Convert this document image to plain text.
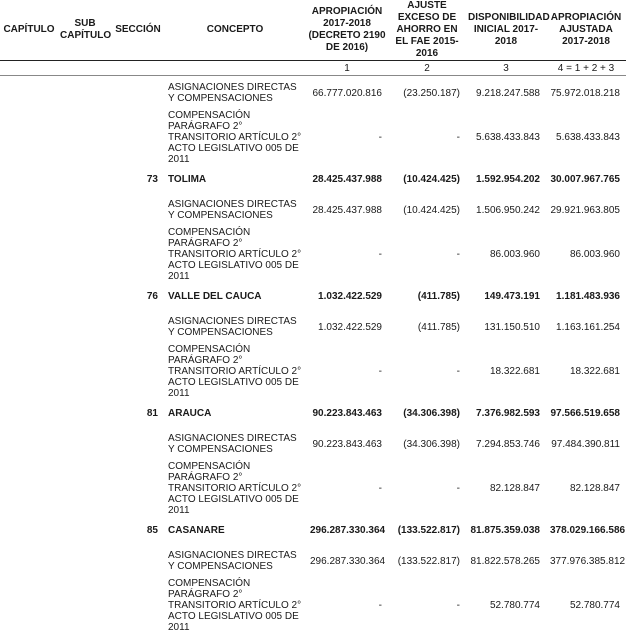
CAPÍTULO	SUB CAPÍTULO	SECCIÓN	CONCEPTO	APROPIACIÓN 2017-2018 (DECRETO 2190 DE 2016)	AJUSTE EXCESO DE AHORRO EN EL FAE 2015-2016	DISPONIBILIDAD INICIAL 2017-2018	APROPIACIÓN AJUSTADA 2017-2018
				1	2	3	4 = 1 + 2 + 3
			ASIGNACIONES DIRECTAS Y COMPENSACIONES	66.777.020.816	(23.250.187)	9.218.247.588	75.972.018.218
			COMPENSACIÓN PARÁGRAFO 2° TRANSITORIO ARTÍCULO 2° ACTO LEGISLATIVO 005 DE 2011	-	-	5.638.433.843	5.638.433.843
		73	TOLIMA	28.425.437.988	(10.424.425)	1.592.954.202	30.007.967.765
			ASIGNACIONES DIRECTAS Y COMPENSACIONES	28.425.437.988	(10.424.425)	1.506.950.242	29.921.963.805
			COMPENSACIÓN PARÁGRAFO 2° TRANSITORIO ARTÍCULO 2° ACTO LEGISLATIVO 005 DE 2011	-	-	86.003.960	86.003.960
		76	VALLE DEL CAUCA	1.032.422.529	(411.785)	149.473.191	1.181.483.936
			ASIGNACIONES DIRECTAS Y COMPENSACIONES	1.032.422.529	(411.785)	131.150.510	1.163.161.254
			COMPENSACIÓN PARÁGRAFO 2° TRANSITORIO ARTÍCULO 2° ACTO LEGISLATIVO 005 DE 2011	-	-	18.322.681	18.322.681
		81	ARAUCA	90.223.843.463	(34.306.398)	7.376.982.593	97.566.519.658
			ASIGNACIONES DIRECTAS Y COMPENSACIONES	90.223.843.463	(34.306.398)	7.294.853.746	97.484.390.811
			COMPENSACIÓN PARÁGRAFO 2° TRANSITORIO ARTÍCULO 2° ACTO LEGISLATIVO 005 DE 2011	-	-	82.128.847	82.128.847
		85	CASANARE	296.287.330.364	(133.522.817)	81.875.359.038	378.029.166.586
			ASIGNACIONES DIRECTAS Y COMPENSACIONES	296.287.330.364	(133.522.817)	81.822.578.265	377.976.385.812
			COMPENSACIÓN PARÁGRAFO 2° TRANSITORIO ARTÍCULO 2° ACTO LEGISLATIVO 005 DE 2011	-	-	52.780.774	52.780.774
